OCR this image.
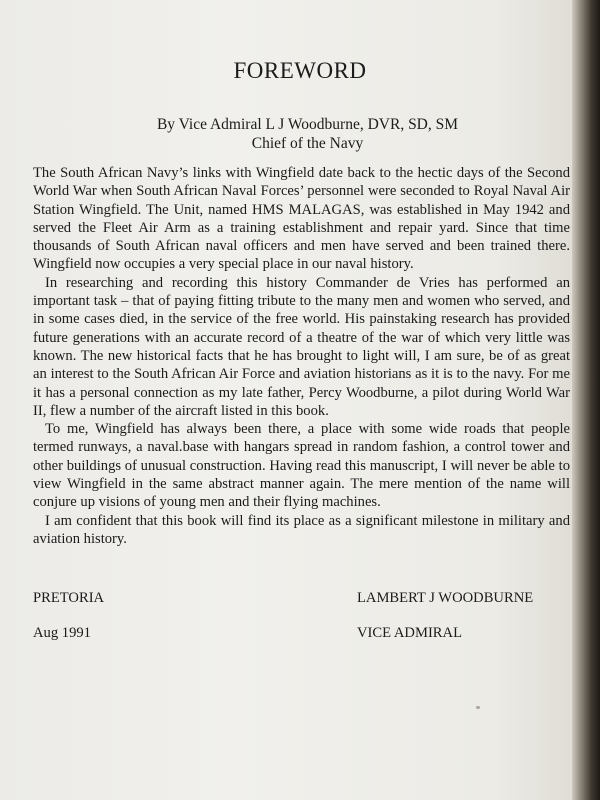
FOREWORD
By Vice Admiral L J Woodburne, DVR, SD, SM
Chief of the Navy

The South African Navy’s links with Wingfield date back to the hectic days of the Second World War when South African Naval Forces’ personnel were seconded to Royal Naval Air Station Wingfield. The Unit, named HMS MALAGAS, was established in May 1942 and served the Fleet Air Arm as a training establishment and repair yard. Since that time thousands of South African naval officers and men have served and been trained there. Wingfield now occupies a very special place in our naval history.

In researching and recording this history Commander de Vries has performed an important task – that of paying fitting tribute to the many men and women who served, and in some cases died, in the service of the free world. His painstaking research has provided future generations with an accurate record of a theatre of the war of which very little was known. The new historical facts that he has brought to light will, I am sure, be of as great an interest to the South African Air Force and aviation historians as it is to the navy. For me it has a personal connection as my late father, Percy Woodburne, a pilot during World War II, flew a number of the aircraft listed in this book.

To me, Wingfield has always been there, a place with some wide roads that people termed runways, a naval.base with hangars spread in random fashion, a control tower and other buildings of unusual construction. Having read this manuscript, I will never be able to view Wingfield in the same abstract manner again. The mere mention of the name will conjure up visions of young men and their flying machines.

I am confident that this book will find its place as a significant milestone in military and aviation history.

PRETORIA	LAMBERT J WOODBURNE
Aug 1991	VICE ADMIRAL
